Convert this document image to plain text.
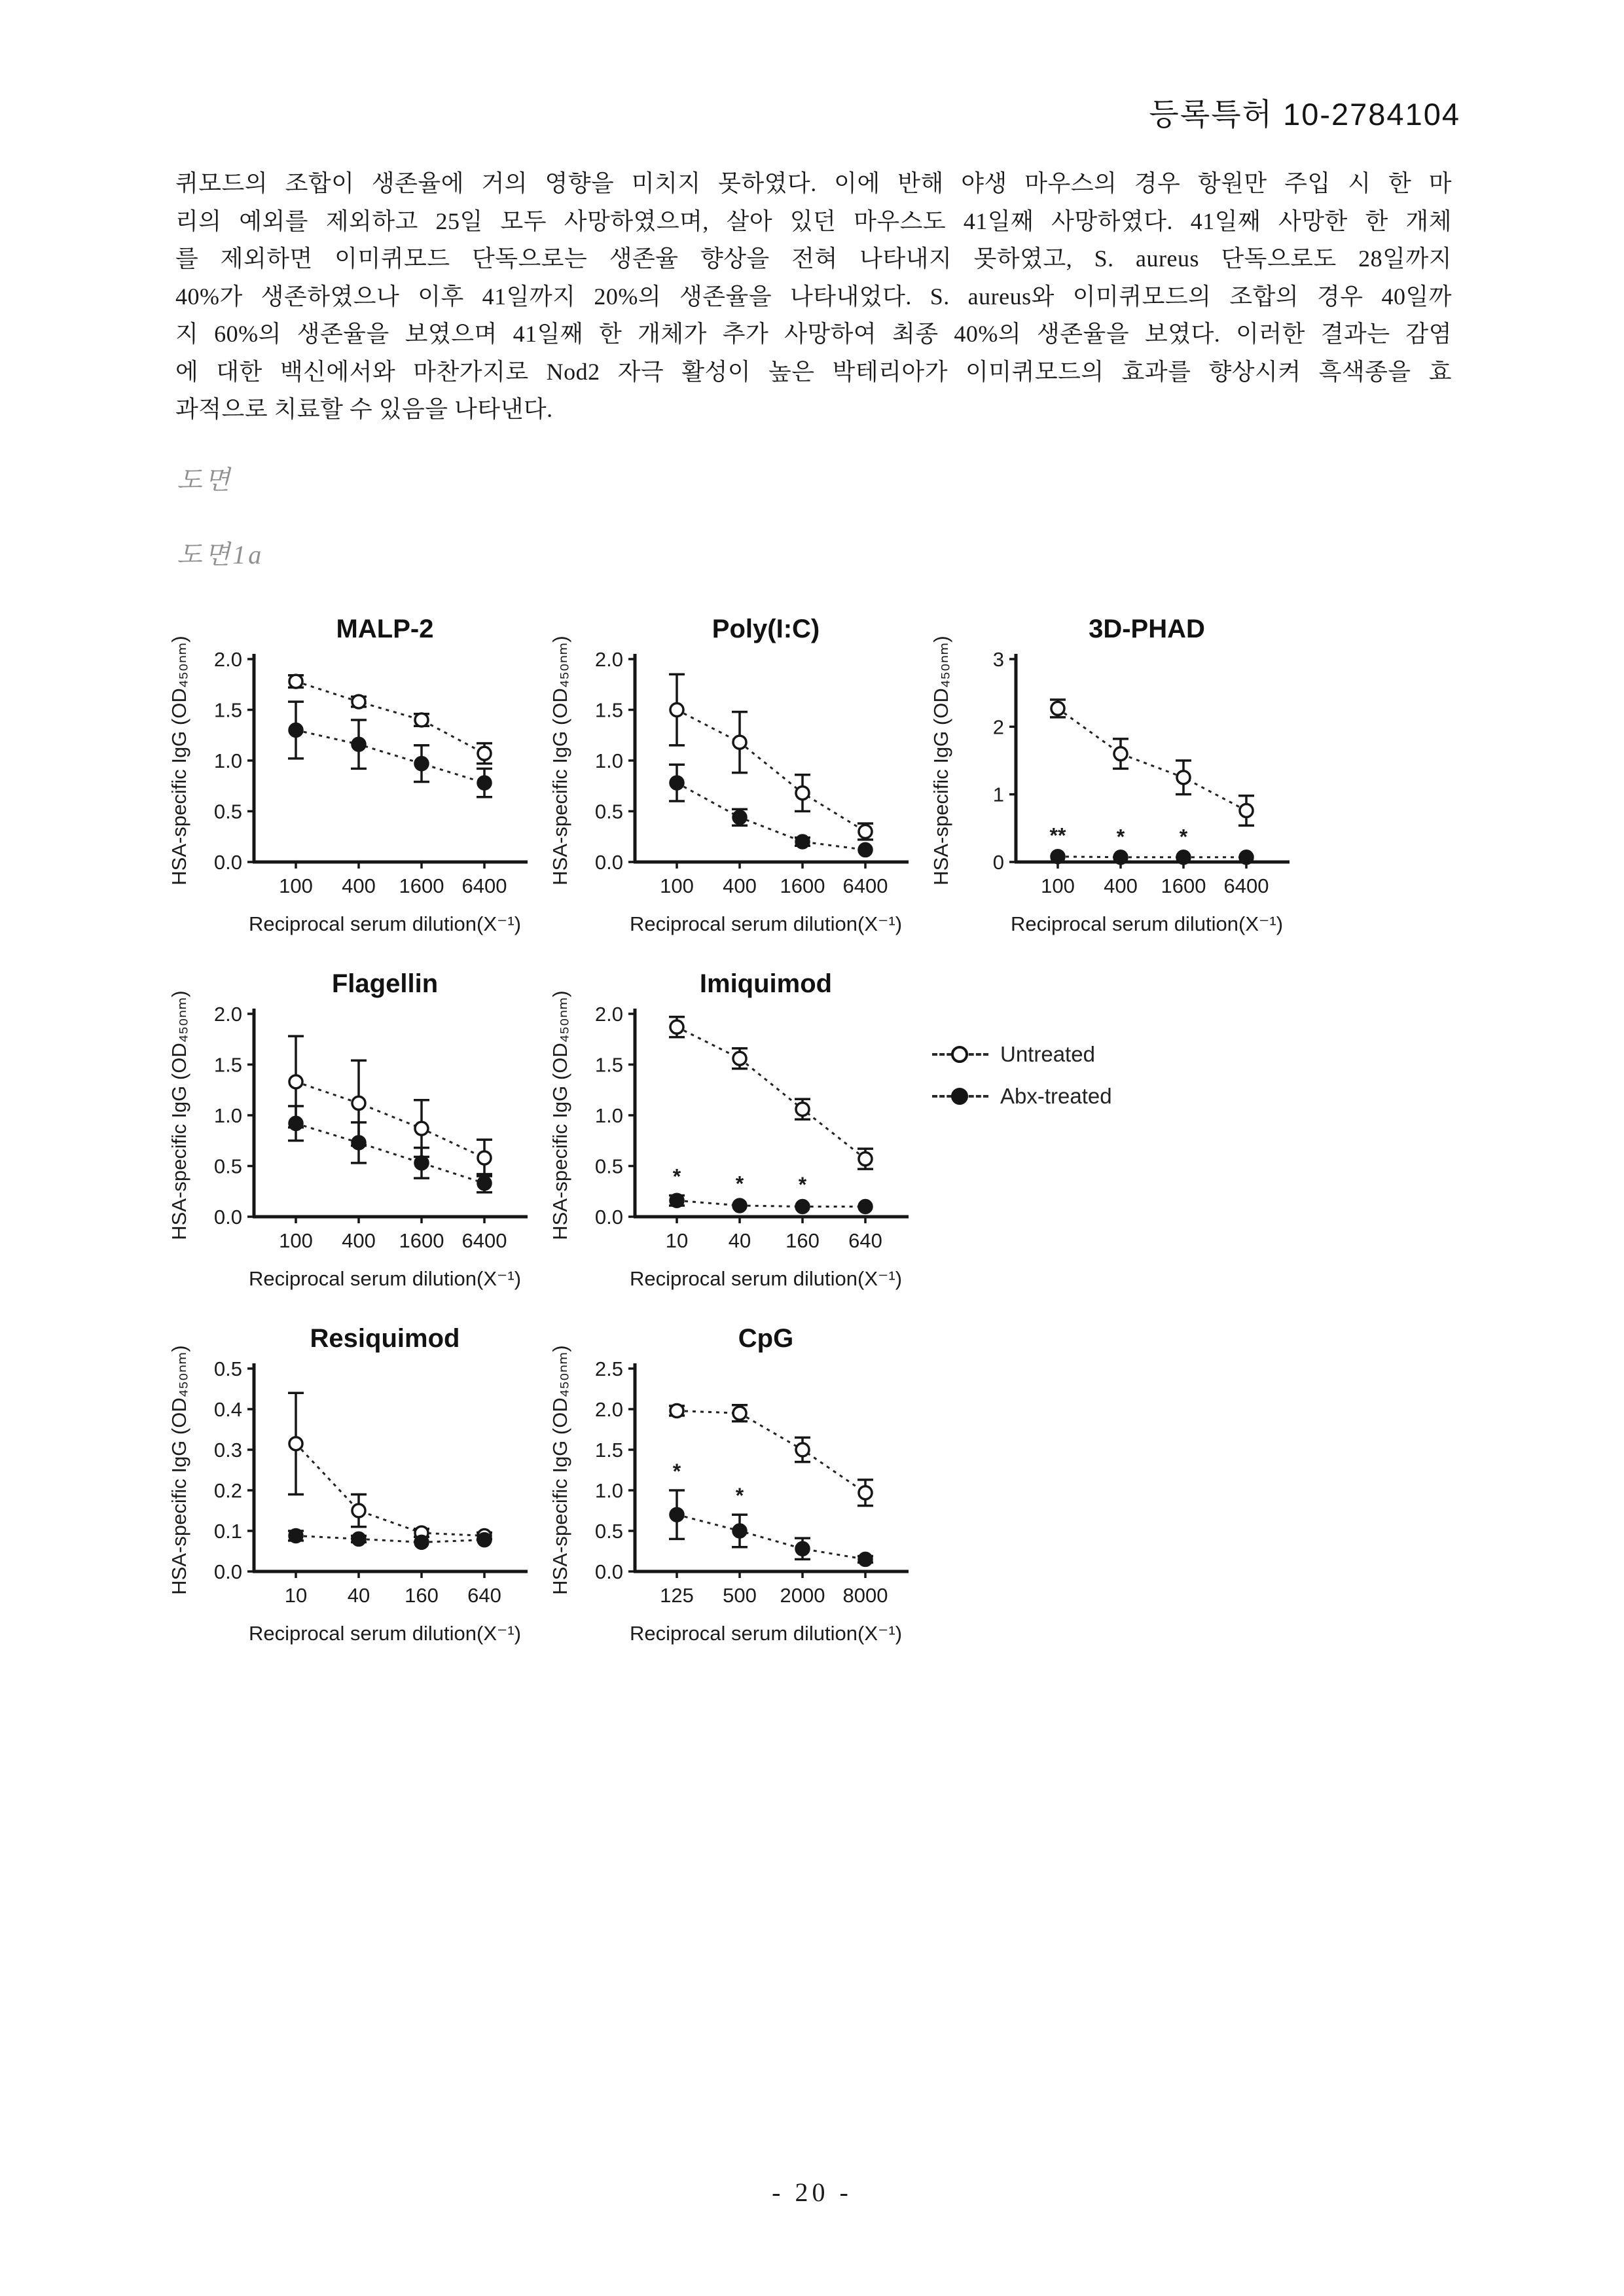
등록특허 10-2784104
퀴모드의 조합이 생존율에 거의 영향을 미치지 못하였다. 이에 반해 야생 마우스의 경우 항원만 주입 시 한 마
리의 예외를 제외하고 25일 모두 사망하였으며, 살아 있던 마우스도 41일째 사망하였다. 41일째 사망한 한 개체
를 제외하면 이미퀴모드 단독으로는 생존율 향상을 전혀 나타내지 못하였고, S. aureus 단독으로도 28일까지
40%가 생존하였으나 이후 41일까지 20%의 생존율을 나타내었다. S. aureus와 이미퀴모드의 조합의 경우 40일까
지 60%의 생존율을 보였으며 41일째 한 개체가 추가 사망하여 최종 40%의 생존율을 보였다. 이러한 결과는 감염
에 대한 백신에서와 마찬가지로 Nod2 자극 활성이 높은 박테리아가 이미퀴모드의 효과를 향상시켜 흑색종을 효
과적으로 치료할 수 있음을 나타낸다.
도면
도면1a
MALP-2
0.0
0.5
1.0
1.5
2.0
100 400 1600 6400
Reciprocal serum dilution(X⁻¹)
HSA-specific IgG (OD₄₅₀ₙₘ)
Poly(I:C)
0.0
0.5
1.0
1.5
2.0
100 400 1600 6400
Reciprocal serum dilution(X⁻¹)
HSA-specific IgG (OD₄₅₀ₙₘ)
3D-PHAD
0
1
2
3
100 400 1600 6400
Reciprocal serum dilution(X⁻¹)
HSA-specific IgG (OD₄₅₀ₙₘ)	** *	*
Flagellin
0.0
0.5
1.0
1.5
2.0
100 400 1600 6400
Reciprocal serum dilution(X⁻¹)
HSA-specific IgG (OD₄₅₀ₙₘ)
Imiquimod
0.0
0.5
1.0
1.5
2.0
10 40 160 640
Reciprocal serum dilution(X⁻¹)
HSA-specific IgG (OD₄₅₀ₙₘ)	*	*	*
Untreated
Abx-treated
Resiquimod
0.0
0.1
0.2
0.3
0.4
0.5
10 40 160 640
Reciprocal serum dilution(X⁻¹)
HSA-specific IgG (OD₄₅₀ₙₘ)
CpG
0.0
0.5
1.0
1.5
2.0
2.5
125 500 2000 8000
Reciprocal serum dilution(X⁻¹)
HSA-specific IgG (OD₄₅₀ₙₘ)	*
*
- 20 -
